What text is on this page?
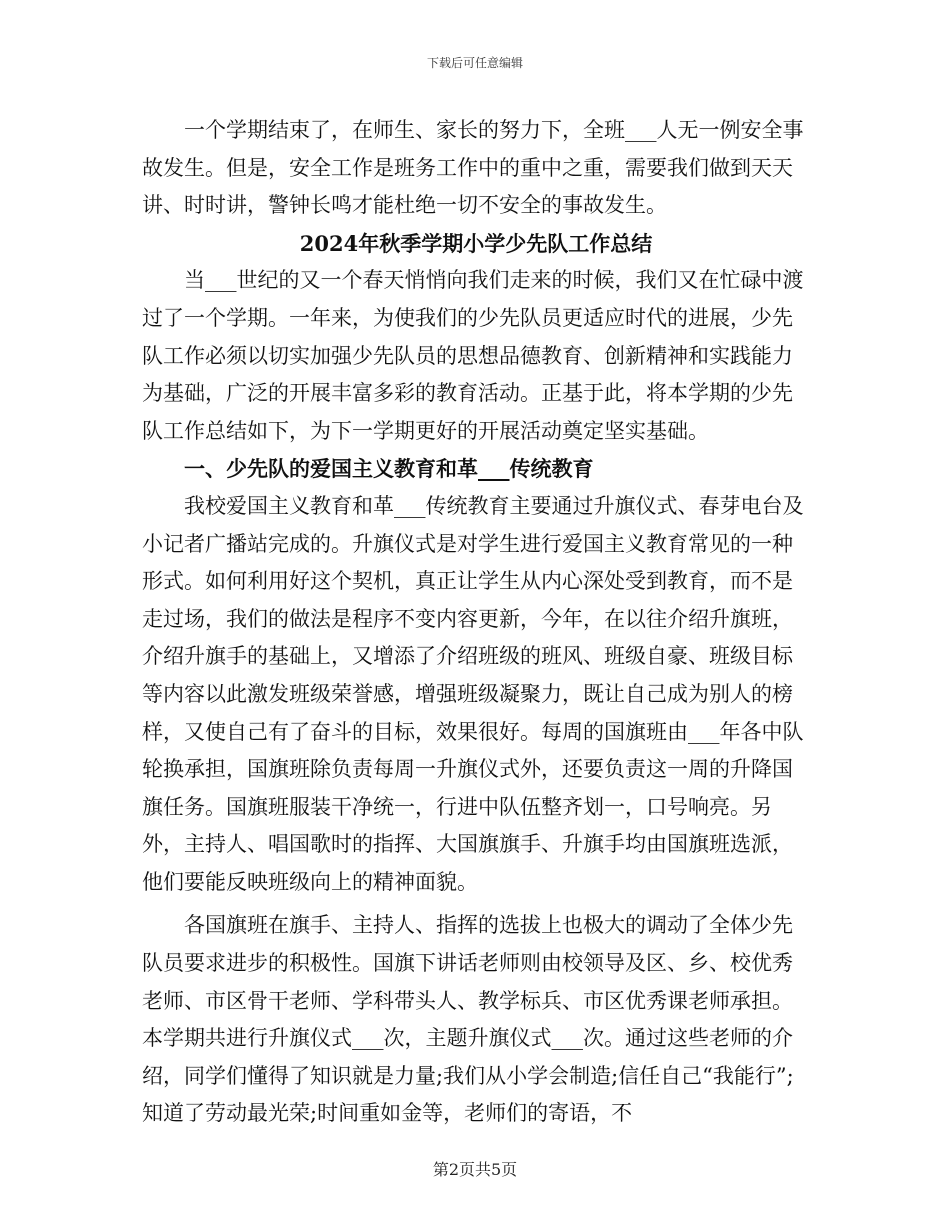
下载后可任意编辑

一个学期结束了，在师生、家长的努力下，全班___人无一例安全事故发生。但是，安全工作是班务工作中的重中之重，需要我们做到天天讲、时时讲，警钟长鸣才能杜绝一切不安全的事故发生。

2024年秋季学期小学少先队工作总结

当___世纪的又一个春天悄悄向我们走来的时候，我们又在忙碌中渡过了一个学期。一年来，为使我们的少先队员更适应时代的进展，少先队工作必须以切实加强少先队员的思想品德教育、创新精神和实践能力为基础，广泛的开展丰富多彩的教育活动。正基于此，将本学期的少先队工作总结如下，为下一学期更好的开展活动奠定坚实基础。

一、少先队的爱国主义教育和革___传统教育

我校爱国主义教育和革___传统教育主要通过升旗仪式、春芽电台及小记者广播站完成的。升旗仪式是对学生进行爱国主义教育常见的一种形式。如何利用好这个契机，真正让学生从内心深处受到教育，而不是走过场，我们的做法是程序不变内容更新，今年，在以往介绍升旗班，介绍升旗手的基础上，又增添了介绍班级的班风、班级自豪、班级目标等内容以此激发班级荣誉感，增强班级凝聚力，既让自己成为别人的榜样，又使自己有了奋斗的目标，效果很好。每周的国旗班由___年各中队轮换承担，国旗班除负责每周一升旗仪式外，还要负责这一周的升降国旗任务。国旗班服装干净统一，行进中队伍整齐划一，口号响亮。另外，主持人、唱国歌时的指挥、大国旗旗手、升旗手均由国旗班选派，他们要能反映班级向上的精神面貌。

各国旗班在旗手、主持人、指挥的选拔上也极大的调动了全体少先队员要求进步的积极性。国旗下讲话老师则由校领导及区、乡、校优秀老师、市区骨干老师、学科带头人、教学标兵、市区优秀课老师承担。本学期共进行升旗仪式___次，主题升旗仪式___次。通过这些老师的介绍，同学们懂得了知识就是力量;我们从小学会制造;信任自己“我能行”;知道了劳动最光荣;时间重如金等，老师们的寄语，不

第2页共5页
